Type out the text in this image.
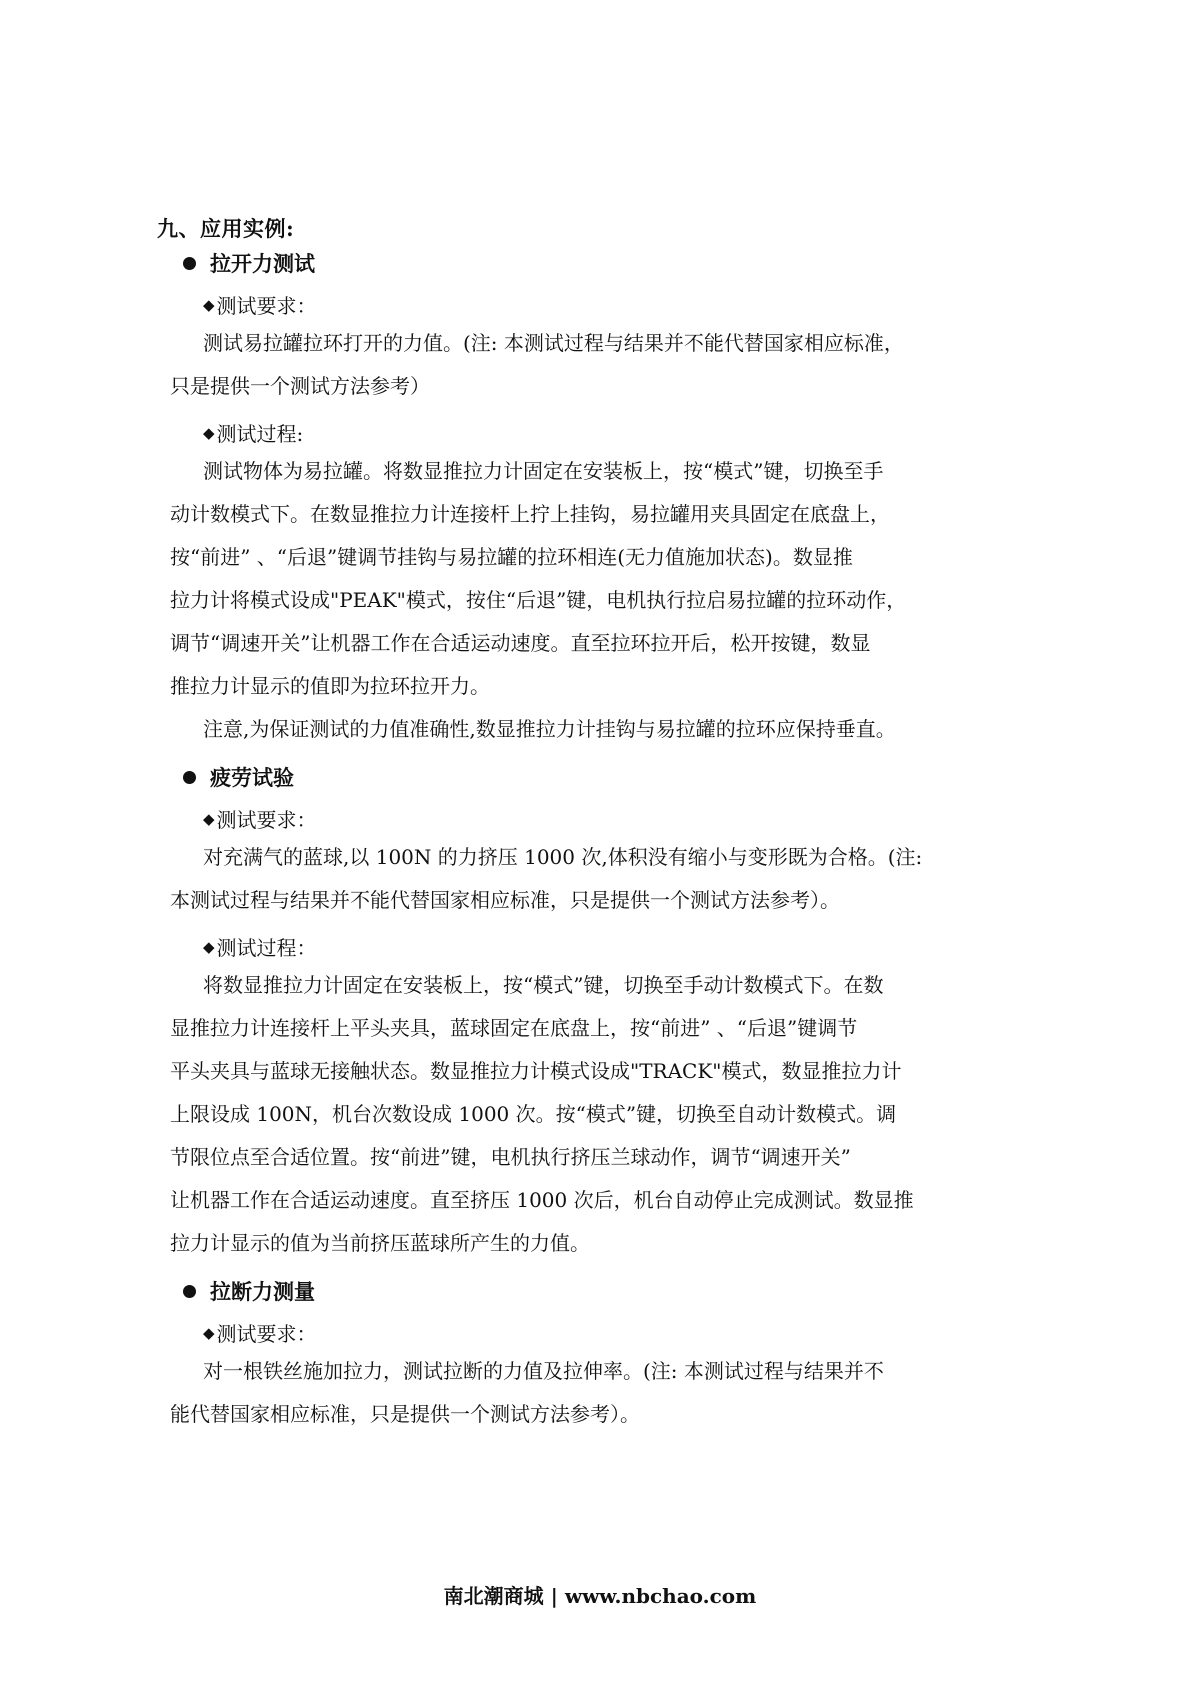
九、应用实例:
拉开力测试
◆ 测试要求：
测试易拉罐拉环打开的力值。(注: 本测试过程与结果并不能代替国家相应标准，
只是提供一个测试方法参考）
◆ 测试过程:
测试物体为易拉罐。将数显推拉力计固定在安装板上，按“模式”键，切换至手
动计数模式下。在数显推拉力计连接杆上拧上挂钩，易拉罐用夹具固定在底盘上，
按“前进” 、“后退”键调节挂钩与易拉罐的拉环相连(无力值施加状态)。数显推
拉力计将模式设成"PEAK"模式，按住“后退”键，电机执行拉启易拉罐的拉环动作，
调节“调速开关”让机器工作在合适运动速度。直至拉环拉开后，松开按键，数显
推拉力计显示的值即为拉环拉开力。
注意,为保证测试的力值准确性,数显推拉力计挂钩与易拉罐的拉环应保持垂直。
疲劳试验
◆ 测试要求：
对充满气的蓝球,以 100N 的力挤压 1000 次,体积没有缩小与变形既为合格。(注:
本测试过程与结果并不能代替国家相应标准，只是提供一个测试方法参考）。
◆ 测试过程：
将数显推拉力计固定在安装板上，按“模式”键，切换至手动计数模式下。在数
显推拉力计连接杆上平头夹具，蓝球固定在底盘上，按“前进” 、“后退”键调节
平头夹具与蓝球无接触状态。数显推拉力计模式设成"TRACK"模式，数显推拉力计
上限设成 100N，机台次数设成 1000 次。按“模式”键，切换至自动计数模式。调
节限位点至合适位置。按“前进”键，电机执行挤压兰球动作，调节“调速开关”
让机器工作在合适运动速度。直至挤压 1000 次后，机台自动停止完成测试。数显推
拉力计显示的值为当前挤压蓝球所产生的力值。
拉断力测量
◆ 测试要求：
对一根铁丝施加拉力，测试拉断的力值及拉伸率。(注: 本测试过程与结果并不
能代替国家相应标准，只是提供一个测试方法参考）。
南北潮商城 | www.nbchao.com
